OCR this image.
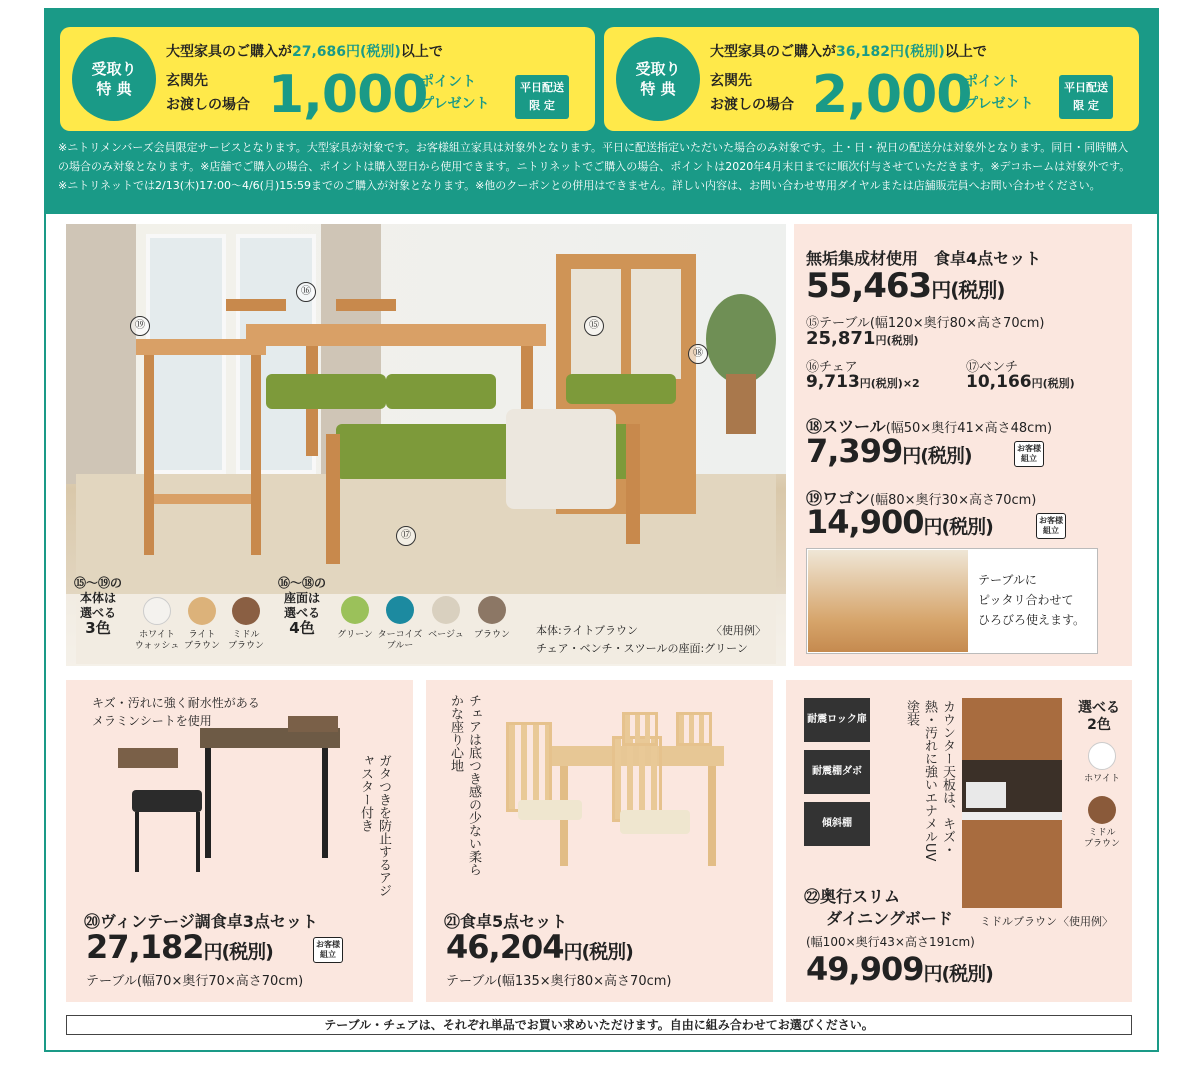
受取り
特 典
大型家具のご購入が27,686円(税別)以上で
玄関先
お渡しの場合 1,000
ポイント
プレゼント
平日配送
限 定
受取り
特 典
大型家具のご購入が36,182円(税別)以上で
玄関先
お渡しの場合 2,000
ポイント
プレゼント
平日配送
限 定
※ニトリメンバーズ会員限定サービスとなります。大型家具が対象です。お客様組立家具は対象外となります。平日に配送指定いただいた場合のみ対象です。土・日・祝日の配送分は対象外となります。同日・同時購入
の場合のみ対象となります。※店舗でご購入の場合、ポイントは購入翌日から使用できます。ニトリネットでご購入の場合、ポイントは2020年4月末日までに順次付与させていただきます。※デコホームは対象外です。
※ニトリネットでは2/13(木)17:00～4/6(月)15:59までのご購入が対象となります。※他のクーポンとの併用はできません。詳しい内容は、お問い合わせ専用ダイヤルまたは店舗販売員へお問い合わせください。
⑯
⑲	⑮
⑱
⑰
⑮～⑲の
本体は
選べる
3色	ホワイト
ウォッシュ
ライト
ブラウン
ミドル
ブラウン
⑯～⑱の
座面は
選べる
4色	グリーン ターコイズ
ブルー
ベージュ	ブラウン	本体:ライトブラウン	〈使用例〉
チェア・ベンチ・スツールの座面:グリーン
無垢集成材使用　食卓4点セット
55,463円(税別)
⑮テーブル(幅120×奥行80×高さ70cm)
25,871円(税別)
⑯チェア
9,713円(税別)×2
⑰ベンチ
10,166円(税別)
⑱スツール(幅50×奥行41×高さ48cm)
7,399円(税別)	お客様
組立
⑲ワゴン(幅80×奥行30×高さ70cm)
14,900円(税別)	お客様
組立
テーブルに
ピッタリ合わせて
ひろびろ使えます。
キズ・汚れに強く耐水性がある
メラミンシートを使用
ガタつきを防止するアジャスター付き
⑳ヴィンテージ調食卓3点セット
27,182円(税別)	お客様
組立
テーブル(幅70×奥行70×高さ70cm)
チェアは底つき感の少ない柔らかな座り心地
㉑食卓5点セット
46,204円(税別)
テーブル(幅135×奥行80×高さ70cm)
耐震ロック扉
耐震棚ダボ
傾斜棚	カウンター天板は、キズ・熱・汚れに強いエナメルUV塗装	選べる
2色
ホワイト
ミドル
ブラウン
㉒奥行スリム
ダイニングボード ミドルブラウン 〈使用例〉
(幅100×奥行43×高さ191cm)
49,909円(税別)
テーブル・チェアは、それぞれ単品でお買い求めいただけます。自由に組み合わせてお選びください。
